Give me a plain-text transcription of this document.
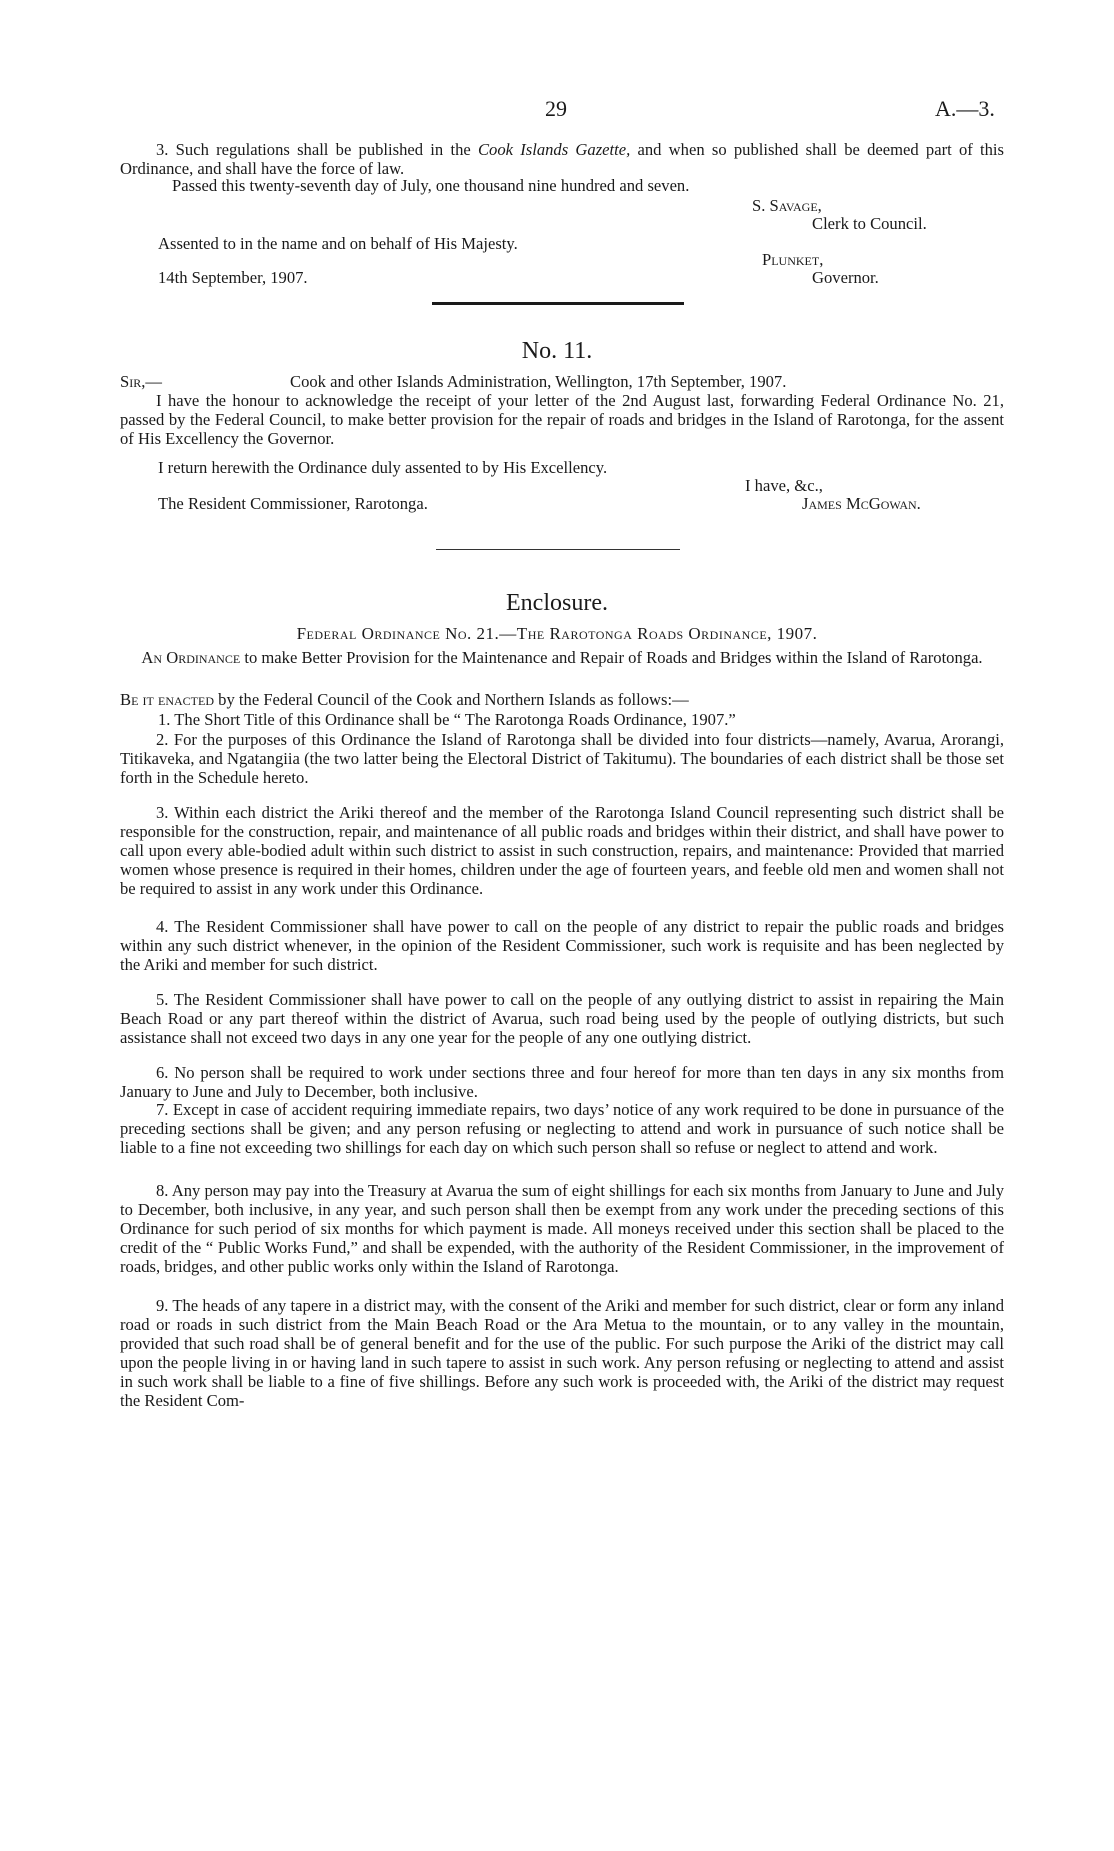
29	A.—3.
3. Such regulations shall be published in the Cook Islands Gazette, and when so published shall be deemed part of this Ordinance, and shall have the force of law.
Passed this twenty-seventh day of July, one thousand nine hundred and seven.
S. Savage,
Clerk to Council.
Assented to in the name and on behalf of His Majesty.
Plunket,
14th September, 1907.	Governor.
No. 11.
Sir,—	Cook and other Islands Administration, Wellington, 17th September, 1907.
I have the honour to acknowledge the receipt of your letter of the 2nd August last, forwarding Federal Ordinance No. 21, passed by the Federal Council, to make better provision for the repair of roads and bridges in the Island of Rarotonga, for the assent of His Excellency the Governor.
I return herewith the Ordinance duly assented to by His Excellency.
I have, &c.,
The Resident Commissioner, Rarotonga.	James McGowan.
Enclosure.
Federal Ordinance No. 21.—The Rarotonga Roads Ordinance, 1907.
An Ordinance to make Better Provision for the Maintenance and Repair of Roads and Bridges within the Island of Rarotonga.
Be it enacted by the Federal Council of the Cook and Northern Islands as follows:—
1. The Short Title of this Ordinance shall be “ The Rarotonga Roads Ordinance, 1907.”
2. For the purposes of this Ordinance the Island of Rarotonga shall be divided into four districts—namely, Avarua, Arorangi, Titikaveka, and Ngatangiia (the two latter being the Electoral District of Takitumu). The boundaries of each district shall be those set forth in the Schedule hereto.
3. Within each district the Ariki thereof and the member of the Rarotonga Island Council representing such district shall be responsible for the construction, repair, and maintenance of all public roads and bridges within their district, and shall have power to call upon every able-bodied adult within such district to assist in such construction, repairs, and maintenance: Provided that married women whose presence is required in their homes, children under the age of fourteen years, and feeble old men and women shall not be required to assist in any work under this Ordinance.
4. The Resident Commissioner shall have power to call on the people of any district to repair the public roads and bridges within any such district whenever, in the opinion of the Resident Commissioner, such work is requisite and has been neglected by the Ariki and member for such district.
5. The Resident Commissioner shall have power to call on the people of any outlying district to assist in repairing the Main Beach Road or any part thereof within the district of Avarua, such road being used by the people of outlying districts, but such assistance shall not exceed two days in any one year for the people of any one outlying district.
6. No person shall be required to work under sections three and four hereof for more than ten days in any six months from January to June and July to December, both inclusive.
7. Except in case of accident requiring immediate repairs, two days’ notice of any work required to be done in pursuance of the preceding sections shall be given; and any person refusing or neglecting to attend and work in pursuance of such notice shall be liable to a fine not exceeding two shillings for each day on which such person shall so refuse or neglect to attend and work.
8. Any person may pay into the Treasury at Avarua the sum of eight shillings for each six months from January to June and July to December, both inclusive, in any year, and such person shall then be exempt from any work under the preceding sections of this Ordinance for such period of six months for which payment is made. All moneys received under this section shall be placed to the credit of the “ Public Works Fund,” and shall be expended, with the authority of the Resident Commissioner, in the improvement of roads, bridges, and other public works only within the Island of Rarotonga.
9. The heads of any tapere in a district may, with the consent of the Ariki and member for such district, clear or form any inland road or roads in such district from the Main Beach Road or the Ara Metua to the mountain, or to any valley in the mountain, provided that such road shall be of general benefit and for the use of the public. For such purpose the Ariki of the district may call upon the people living in or having land in such tapere to assist in such work. Any person refusing or neglecting to attend and assist in such work shall be liable to a fine of five shillings. Before any such work is proceeded with, the Ariki of the district may request the Resident Com-
